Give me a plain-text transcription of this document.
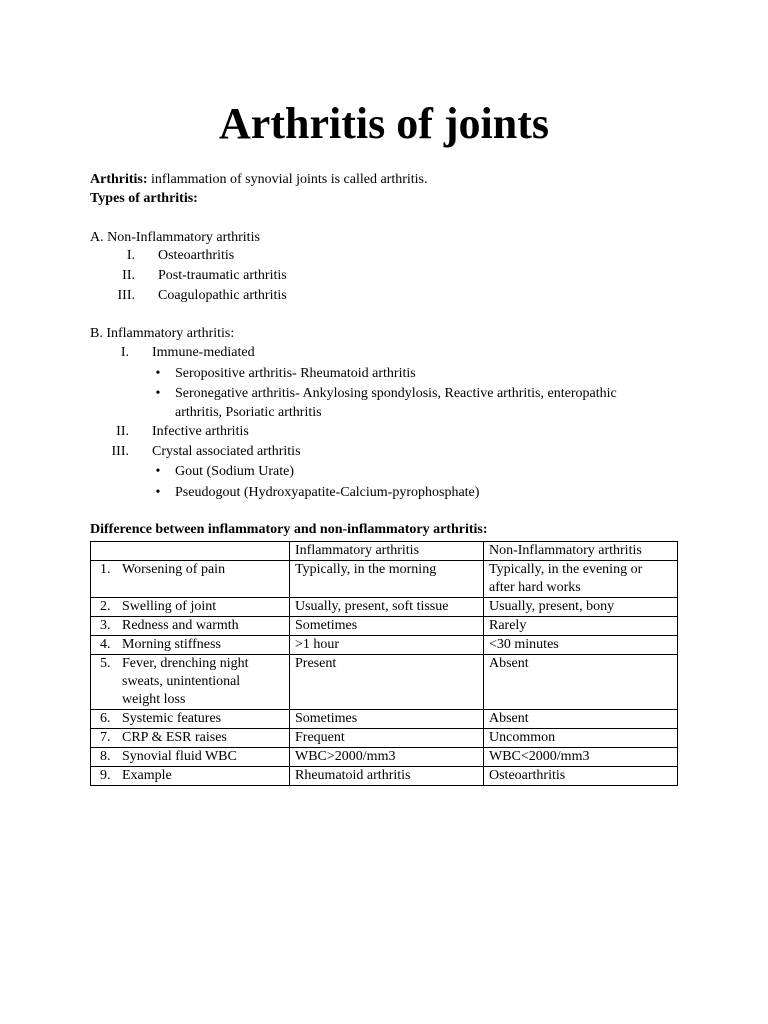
Arthritis of joints
Arthritis: inflammation of synovial joints is called arthritis.
Types of arthritis:
A. Non-Inflammatory arthritis
I. Osteoarthritis
II. Post-traumatic arthritis
III. Coagulopathic arthritis
B. Inflammatory arthritis:
I. Immune-mediated
• Seropositive arthritis- Rheumatoid arthritis
• Seronegative arthritis- Ankylosing spondylosis, Reactive arthritis, enteropathic
arthritis, Psoriatic arthritis
II. Infective arthritis
III. Crystal associated arthritis
• Gout (Sodium Urate)
• Pseudogout (Hydroxyapatite-Calcium-pyrophosphate)
Difference between inflammatory and non-inflammatory arthritis:
	Inflammatory arthritis	Non-Inflammatory arthritis
1. Worsening of pain	Typically, in the morning	Typically, in the evening or after hard works
2. Swelling of joint	Usually, present, soft tissue	Usually, present, bony
3. Redness and warmth	Sometimes	Rarely
4. Morning stiffness	>1 hour	<30 minutes
5. Fever, drenching night sweats, unintentional weight loss	Present	Absent
6. Systemic features	Sometimes	Absent
7. CRP & ESR raises	Frequent	Uncommon
8. Synovial fluid WBC	WBC>2000/mm3	WBC<2000/mm3
9. Example	Rheumatoid arthritis	Osteoarthritis
